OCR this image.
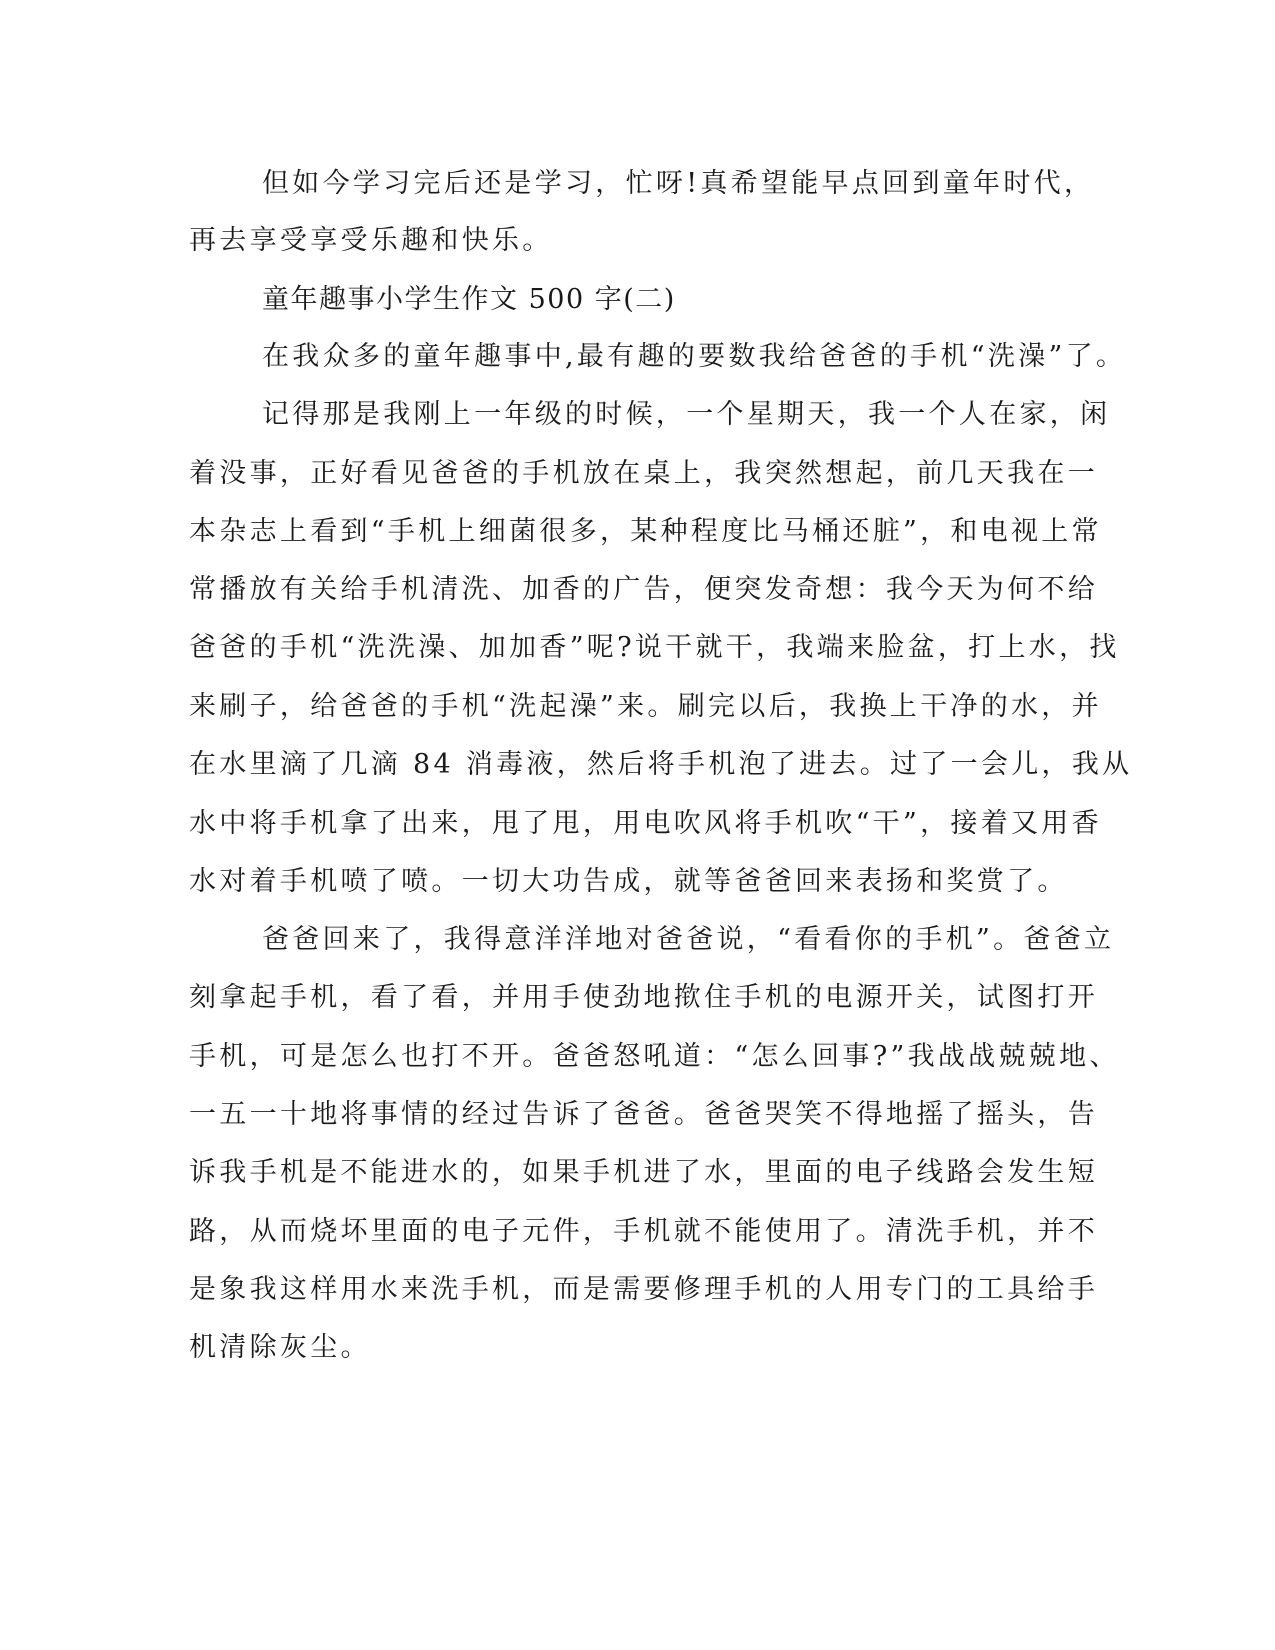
但如今学习完后还是学习，忙呀!真希望能早点回到童年时代，
再去享受享受乐趣和快乐。
童年趣事小学生作文 500 字(二)
在我众多的童年趣事中,最有趣的要数我给爸爸的手机“洗澡”了。
记得那是我刚上一年级的时候，一个星期天，我一个人在家，闲
着没事，正好看见爸爸的手机放在桌上，我突然想起，前几天我在一
本杂志上看到“手机上细菌很多，某种程度比马桶还脏”，和电视上常
常播放有关给手机清洗、加香的广告，便突发奇想：我今天为何不给
爸爸的手机“洗洗澡、加加香”呢?说干就干，我端来脸盆，打上水，找
来刷子，给爸爸的手机“洗起澡”来。刷完以后，我换上干净的水，并
在水里滴了几滴 84 消毒液，然后将手机泡了进去。过了一会儿，我从
水中将手机拿了出来，甩了甩，用电吹风将手机吹“干”，接着又用香
水对着手机喷了喷。一切大功告成，就等爸爸回来表扬和奖赏了。
爸爸回来了，我得意洋洋地对爸爸说，“看看你的手机”。爸爸立
刻拿起手机，看了看，并用手使劲地揿住手机的电源开关，试图打开
手机，可是怎么也打不开。爸爸怒吼道：“怎么回事?”我战战兢兢地、
一五一十地将事情的经过告诉了爸爸。爸爸哭笑不得地摇了摇头，告
诉我手机是不能进水的，如果手机进了水，里面的电子线路会发生短
路，从而烧坏里面的电子元件，手机就不能使用了。清洗手机，并不
是象我这样用水来洗手机，而是需要修理手机的人用专门的工具给手
机清除灰尘。
